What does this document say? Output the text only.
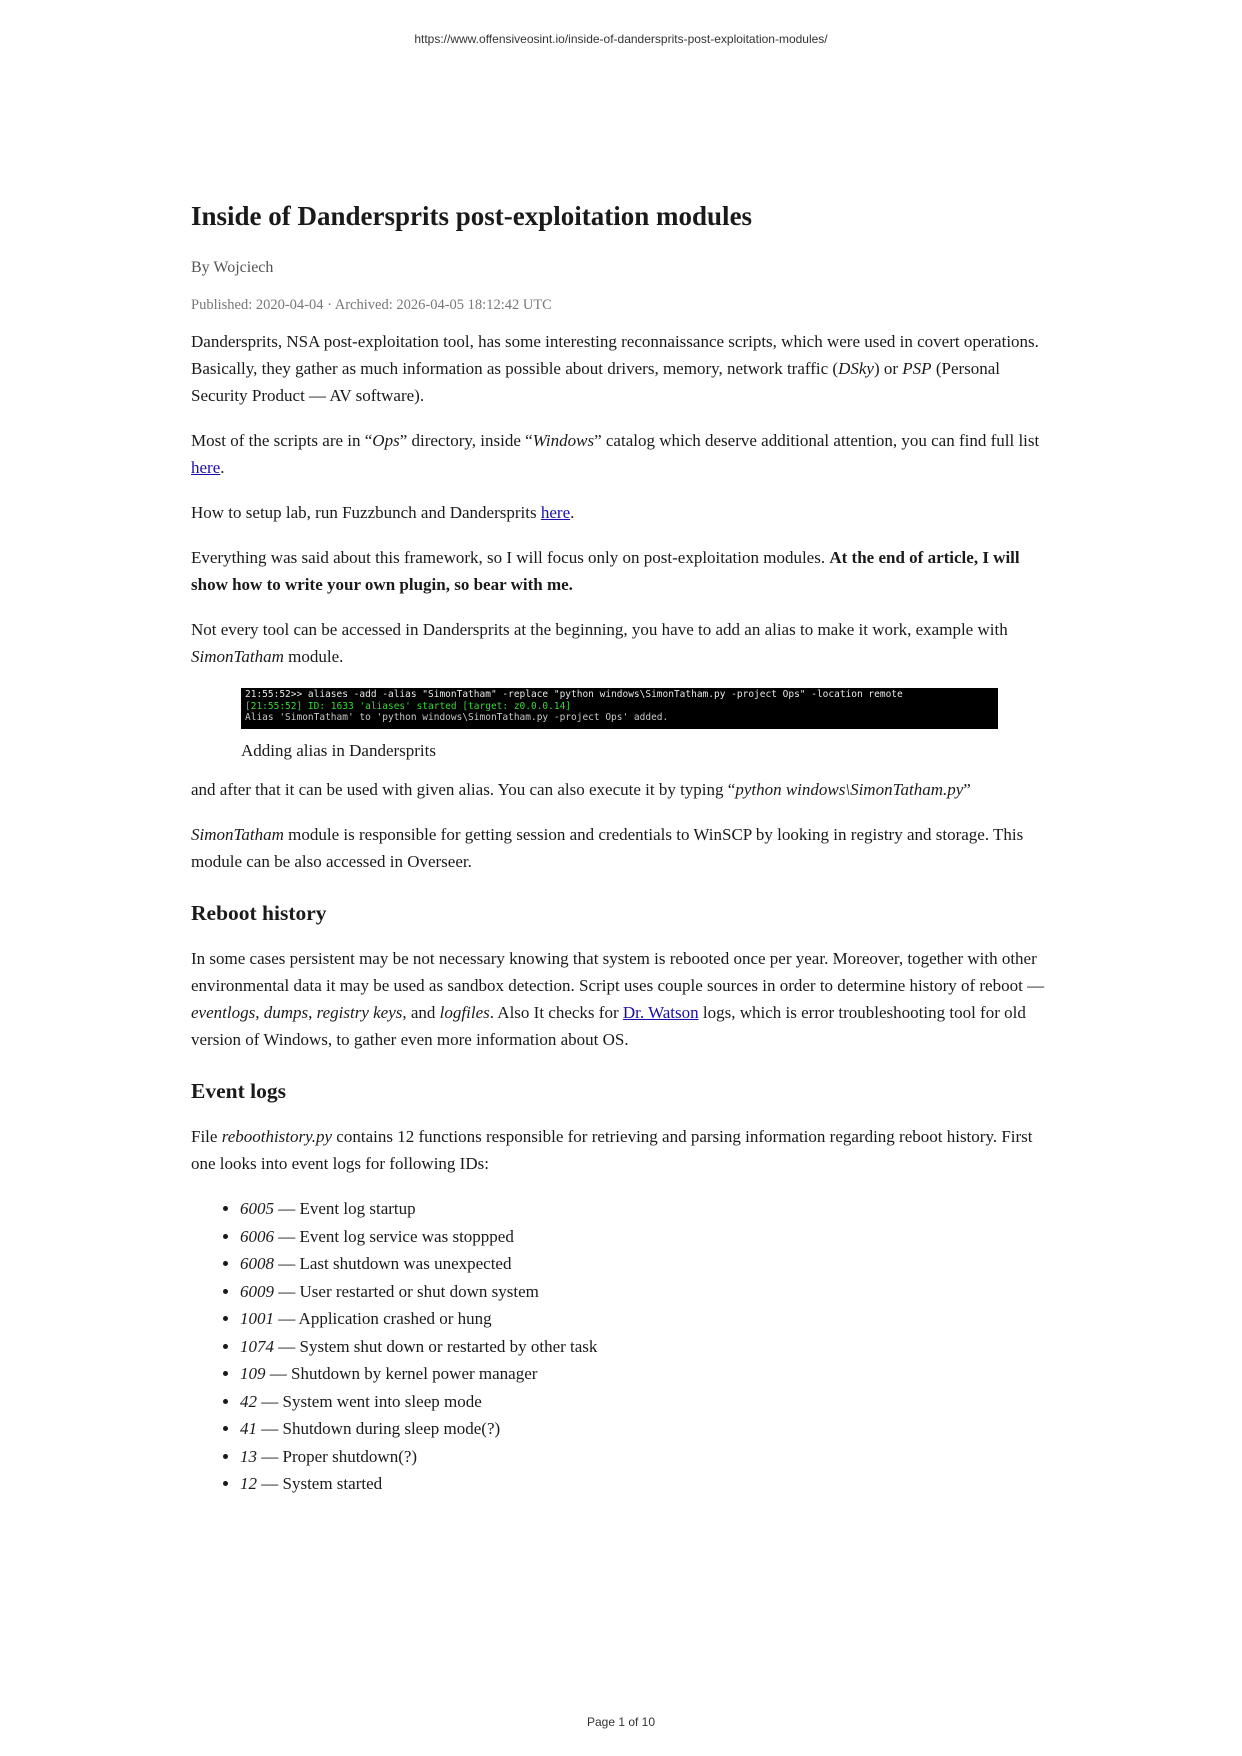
https://www.offensiveosint.io/inside-of-dandersprits-post-exploitation-modules/
Inside of Dandersprits post-exploitation modules
By Wojciech
Published: 2020-04-04 · Archived: 2026-04-05 18:12:42 UTC

Dandersprits, NSA post-exploitation tool, has some interesting reconnaissance scripts, which were used in covert operations. Basically, they gather as much information as possible about drivers, memory, network traffic (DSky) or PSP (Personal Security Product — AV software).

Most of the scripts are in “Ops” directory, inside “Windows” catalog which deserve additional attention, you can find full list here.

How to setup lab, run Fuzzbunch and Dandersprits here.

Everything was said about this framework, so I will focus only on post-exploitation modules. At the end of article, I will show how to write your own plugin, so bear with me.

Not every tool can be accessed in Dandersprits at the beginning, you have to add an alias to make it work, example with SimonTatham module.

21:55:52>> aliases -add -alias "SimonTatham" -replace "python windows\SimonTatham.py -project Ops" -location remote
[21:55:52] ID: 1633 'aliases' started [target: z0.0.0.14]
Alias 'SimonTatham' to 'python windows\SimonTatham.py -project Ops' added.
Adding alias in Dandersprits

and after that it can be used with given alias. You can also execute it by typing “python windows\SimonTatham.py”

SimonTatham module is responsible for getting session and credentials to WinSCP by looking in registry and storage. This module can be also accessed in Overseer.

Reboot history

In some cases persistent may be not necessary knowing that system is rebooted once per year. Moreover, together with other environmental data it may be used as sandbox detection. Script uses couple sources in order to determine history of reboot — eventlogs, dumps, registry keys, and logfiles. Also It checks for Dr. Watson logs, which is error troubleshooting tool for old version of Windows, to gather even more information about OS.

Event logs

File reboothistory.py contains 12 functions responsible for retrieving and parsing information regarding reboot history. First one looks into event logs for following IDs:

• 6005 — Event log startup
• 6006 — Event log service was stoppped
• 6008 — Last shutdown was unexpected
• 6009 — User restarted or shut down system
• 1001 — Application crashed or hung
• 1074 — System shut down or restarted by other task
• 109 — Shutdown by kernel power manager
• 42 — System went into sleep mode
• 41 — Shutdown during sleep mode(?)
• 13 — Proper shutdown(?)
• 12 — System started
Page 1 of 10
